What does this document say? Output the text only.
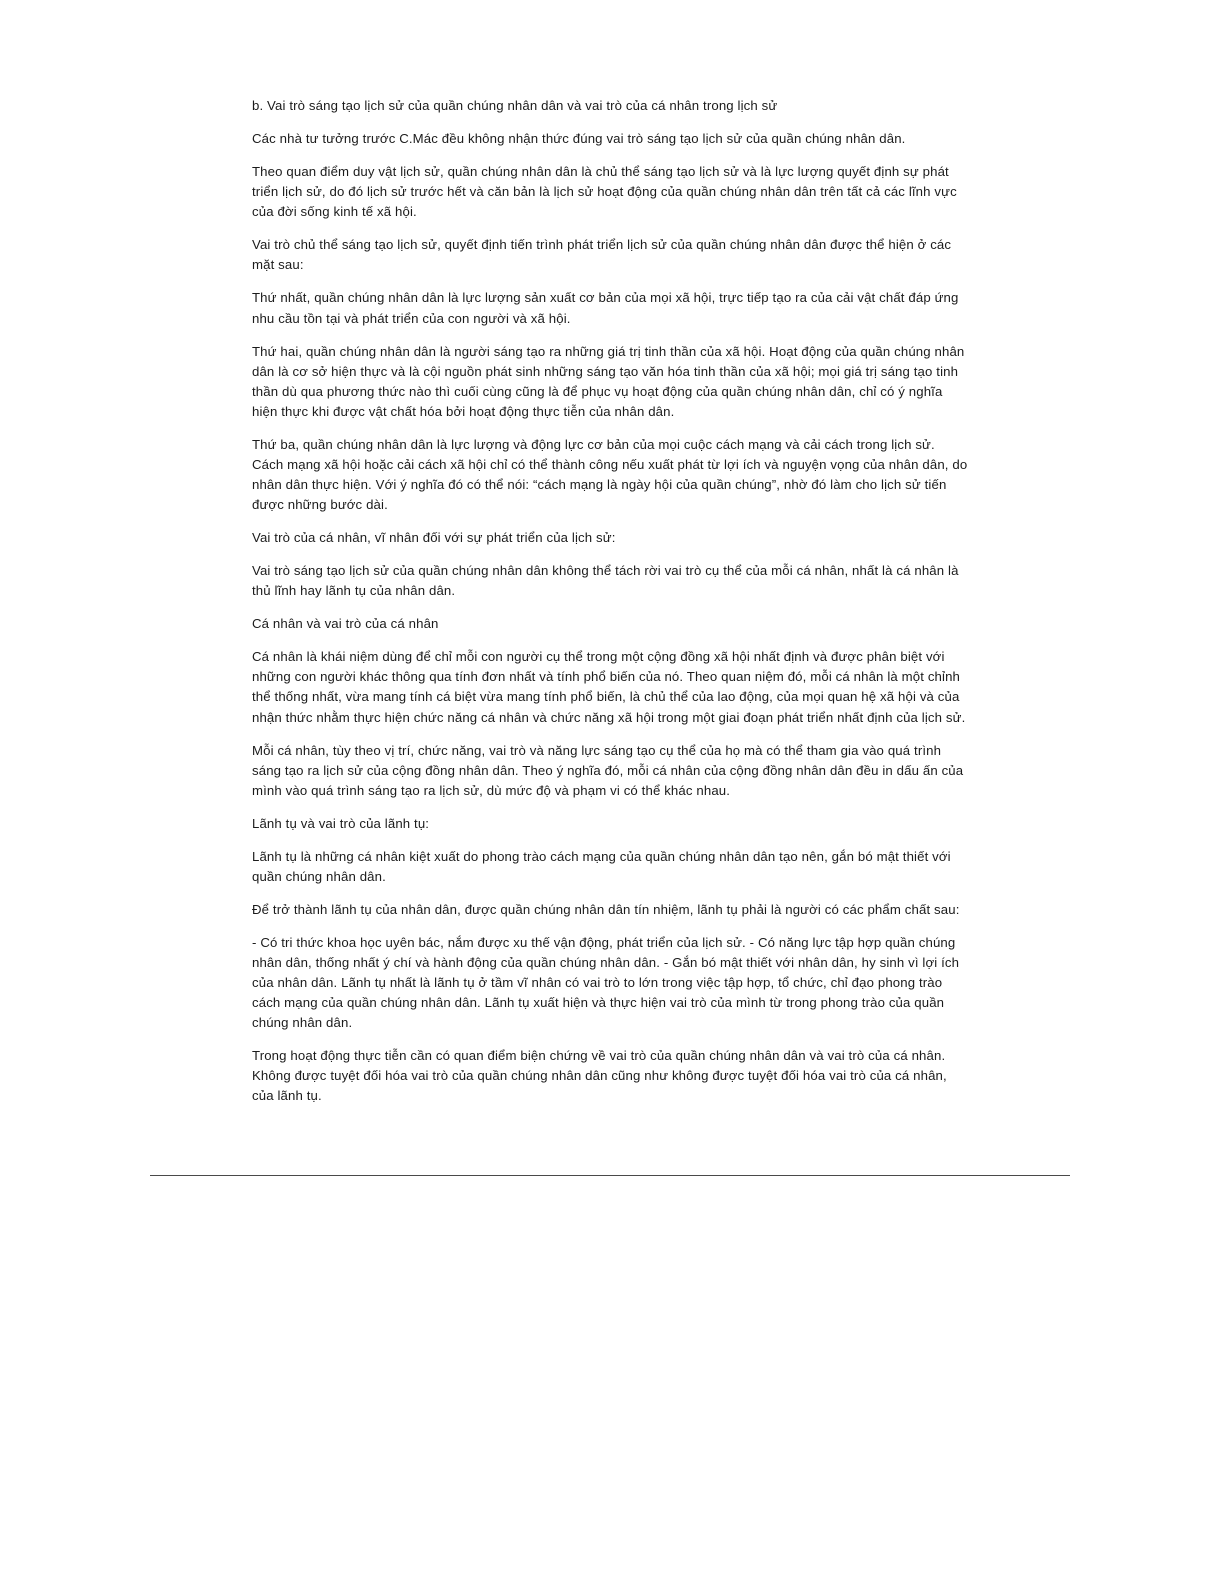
b. Vai trò sáng tạo lịch sử của quần chúng nhân dân và vai trò của cá nhân trong lịch sử

Các nhà tư tưởng trước C.Mác đều không nhận thức đúng vai trò sáng tạo lịch sử của quần chúng nhân dân.

Theo quan điểm duy vật lịch sử, quần chúng nhân dân là chủ thể sáng tạo lịch sử và là lực lượng quyết định sự phát triển lịch sử, do đó lịch sử trước hết và căn bản là lịch sử hoạt động của quần chúng nhân dân trên tất cả các lĩnh vực của đời sống kinh tế xã hội.

Vai trò chủ thể sáng tạo lịch sử, quyết định tiến trình phát triển lịch sử của quần chúng nhân dân được thể hiện ở các mặt sau:

Thứ nhất, quần chúng nhân dân là lực lượng sản xuất cơ bản của mọi xã hội, trực tiếp tạo ra của cải vật chất đáp ứng nhu cầu tồn tại và phát triển của con người và xã hội.

Thứ hai, quần chúng nhân dân là người sáng tạo ra những giá trị tinh thần của xã hội. Hoạt động của quần chúng nhân dân là cơ sở hiện thực và là cội nguồn phát sinh những sáng tạo văn hóa tinh thần của xã hội; mọi giá trị sáng tạo tinh thần dù qua phương thức nào thì cuối cùng cũng là để phục vụ hoạt động của quần chúng nhân dân, chỉ có ý nghĩa hiện thực khi được vật chất hóa bởi hoạt động thực tiễn của nhân dân.

Thứ ba, quần chúng nhân dân là lực lượng và động lực cơ bản của mọi cuộc cách mạng và cải cách trong lịch sử. Cách mạng xã hội hoặc cải cách xã hội chỉ có thể thành công nếu xuất phát từ lợi ích và nguyện vọng của nhân dân, do nhân dân thực hiện. Với ý nghĩa đó có thể nói: “cách mạng là ngày hội của quần chúng”, nhờ đó làm cho lịch sử tiến được những bước dài.

Vai trò của cá nhân, vĩ nhân đối với sự phát triển của lịch sử:

Vai trò sáng tạo lịch sử của quần chúng nhân dân không thể tách rời vai trò cụ thể của mỗi cá nhân, nhất là cá nhân là thủ lĩnh hay lãnh tụ của nhân dân.

Cá nhân và vai trò của cá nhân

Cá nhân là khái niệm dùng để chỉ mỗi con người cụ thể trong một cộng đồng xã hội nhất định và được phân biệt với những con người khác thông qua tính đơn nhất và tính phổ biến của nó. Theo quan niệm đó, mỗi cá nhân là một chỉnh thể thống nhất, vừa mang tính cá biệt vừa mang tính phổ biến, là chủ thể của lao động, của mọi quan hệ xã hội và của nhận thức nhằm thực hiện chức năng cá nhân và chức năng xã hội trong một giai đoạn phát triển nhất định của lịch sử.

Mỗi cá nhân, tùy theo vị trí, chức năng, vai trò và năng lực sáng tạo cụ thể của họ mà có thể tham gia vào quá trình sáng tạo ra lịch sử của cộng đồng nhân dân. Theo ý nghĩa đó, mỗi cá nhân của cộng đồng nhân dân đều in dấu ấn của mình vào quá trình sáng tạo ra lịch sử, dù mức độ và phạm vi có thể khác nhau.

Lãnh tụ và vai trò của lãnh tụ:

Lãnh tụ là những cá nhân kiệt xuất do phong trào cách mạng của quần chúng nhân dân tạo nên, gắn bó mật thiết với quần chúng nhân dân.

Để trở thành lãnh tụ của nhân dân, được quần chúng nhân dân tín nhiệm, lãnh tụ phải là người có các phẩm chất sau:

- Có tri thức khoa học uyên bác, nắm được xu thế vận động, phát triển của lịch sử. - Có năng lực tập hợp quần chúng nhân dân, thống nhất ý chí và hành động của quần chúng nhân dân. - Gắn bó mật thiết với nhân dân, hy sinh vì lợi ích của nhân dân. Lãnh tụ nhất là lãnh tụ ở tầm vĩ nhân có vai trò to lớn trong việc tập hợp, tổ chức, chỉ đạo phong trào cách mạng của quần chúng nhân dân. Lãnh tụ xuất hiện và thực hiện vai trò của mình từ trong phong trào của quần chúng nhân dân.

Trong hoạt động thực tiễn cần có quan điểm biện chứng về vai trò của quần chúng nhân dân và vai trò của cá nhân. Không được tuyệt đối hóa vai trò của quần chúng nhân dân cũng như không được tuyệt đối hóa vai trò của cá nhân, của lãnh tụ.
